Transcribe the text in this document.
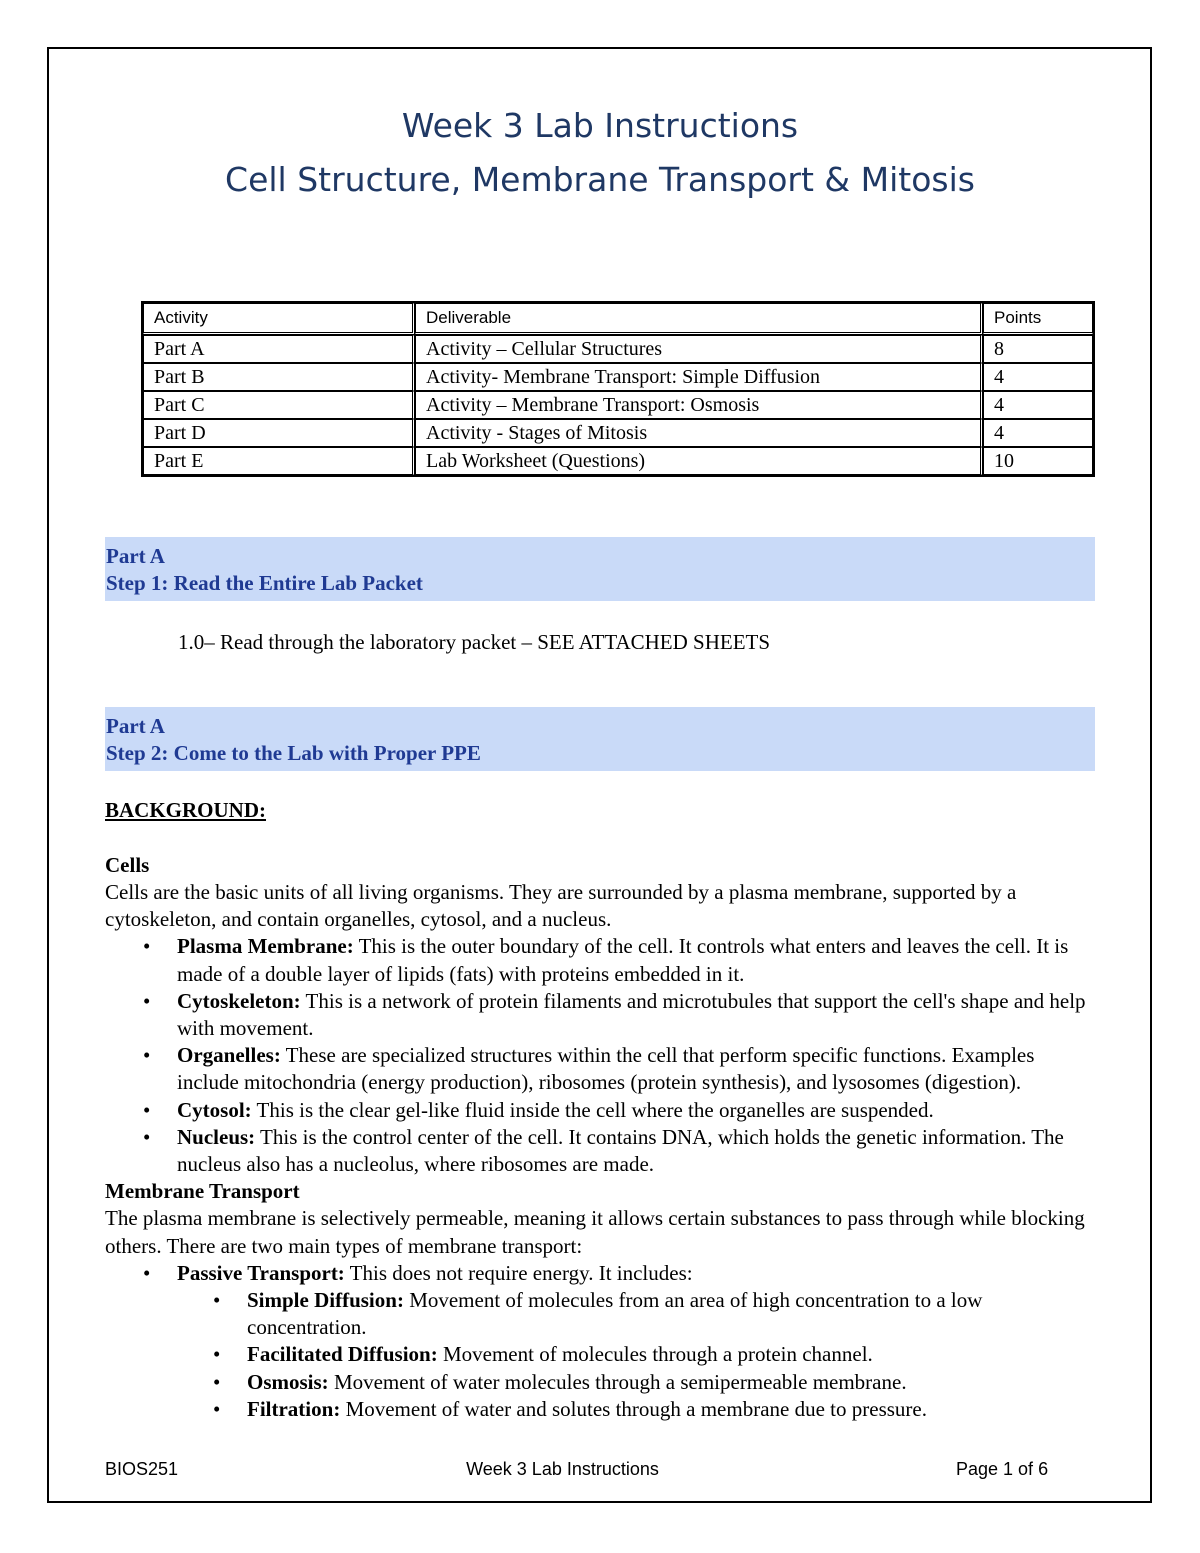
Week 3 Lab Instructions
Cell Structure, Membrane Transport & Mitosis
Activity	Deliverable	Points
Part A	Activity – Cellular Structures	8
Part B	Activity- Membrane Transport: Simple Diffusion	4
Part C	Activity – Membrane Transport: Osmosis	4
Part D	Activity - Stages of Mitosis	4
Part E	Lab Worksheet (Questions)	10
Part A
Step 1: Read the Entire Lab Packet
1.0– Read through the laboratory packet – SEE ATTACHED SHEETS
Part A
Step 2: Come to the Lab with Proper PPE
BACKGROUND:
Cells

Cells are the basic units of all living organisms. They are surrounded by a plasma membrane, supported by a cytoskeleton, and contain organelles, cytosol, and a nucleus.

• Plasma Membrane: This is the outer boundary of the cell. It controls what enters and leaves the cell. It is made of a double layer of lipids (fats) with proteins embedded in it.
• Cytoskeleton: This is a network of protein filaments and microtubules that support the cell's shape and help with movement.
• Organelles: These are specialized structures within the cell that perform specific functions. Examples include mitochondria (energy production), ribosomes (protein synthesis), and lysosomes (digestion).
• Cytosol: This is the clear gel-like fluid inside the cell where the organelles are suspended.
• Nucleus: This is the control center of the cell. It contains DNA, which holds the genetic information. The nucleus also has a nucleolus, where ribosomes are made.

Membrane Transport

The plasma membrane is selectively permeable, meaning it allows certain substances to pass through while blocking others. There are two main types of membrane transport:

• Passive Transport: This does not require energy. It includes:
• Simple Diffusion: Movement of molecules from an area of high concentration to a low concentration.
• Facilitated Diffusion: Movement of molecules through a protein channel.
• Osmosis: Movement of water molecules through a semipermeable membrane.
• Filtration: Movement of water and solutes through a membrane due to pressure.
BIOS251	Week 3 Lab Instructions	Page 1 of 6
